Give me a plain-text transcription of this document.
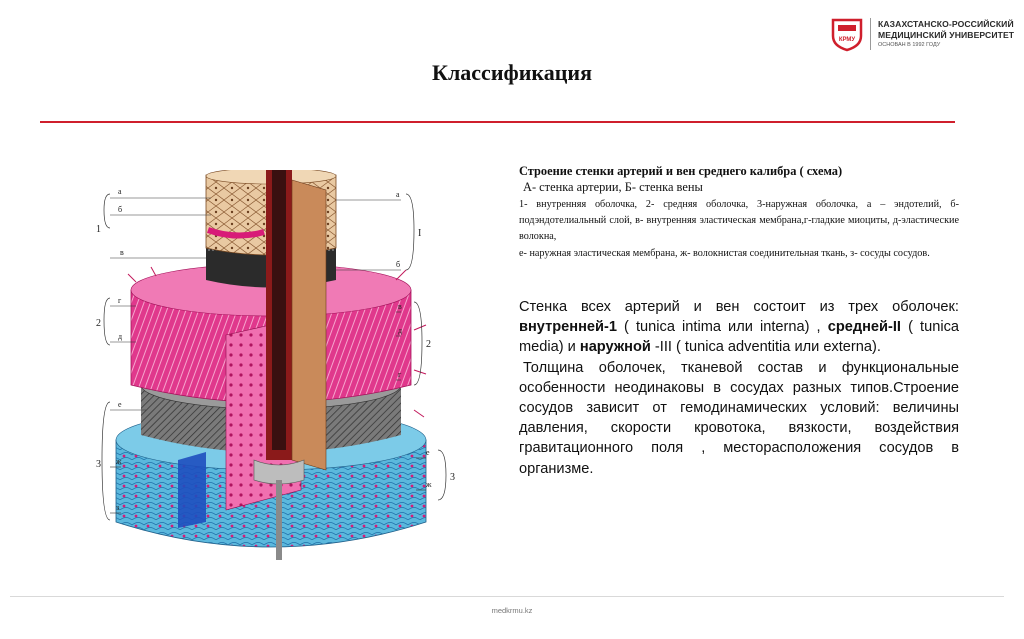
КРМУ
КАЗАХСТАНСКО-РОССИЙСКИЙ
МЕДИЦИНСКИЙ УНИВЕРСИТЕТ
ОСНОВАН В 1992 ГОДУ
Классификация
а
б
в
г
д
е
ж
з
1
2
3
а
б
в
д
г
е
ж
I
2
3
Строение стенки артерий и вен среднего калибра ( схема)
А- стенка артерии, Б- стенка вены
1- внутренняя оболочка, 2- средняя оболочка, 3-наружная оболочка, а – эндотелий, б- подэндотелиальный слой, в- внутренняя эластическая мембрана,г-гладкие миоциты, д-эластические волокна,
е- наружная эластическая мембрана, ж- волокнистая соединительная ткань, з- сосуды сосудов.

Стенка всех артерий и вен состоит из трех оболочек: внутренней-1 ( tunica intima или interna) , средней-II ( tunica media) и наружной -III ( tunica adventitia или externa).

Толщина оболочек, тканевой состав и функциональные особенности неодинаковы в сосудах разных типов.Строение сосудов зависит от гемодинамических условий: величины давления, скорости кровотока, вязкости, воздействия гравитационного поля , месторасположения сосудов в организме.

medkrmu.kz
